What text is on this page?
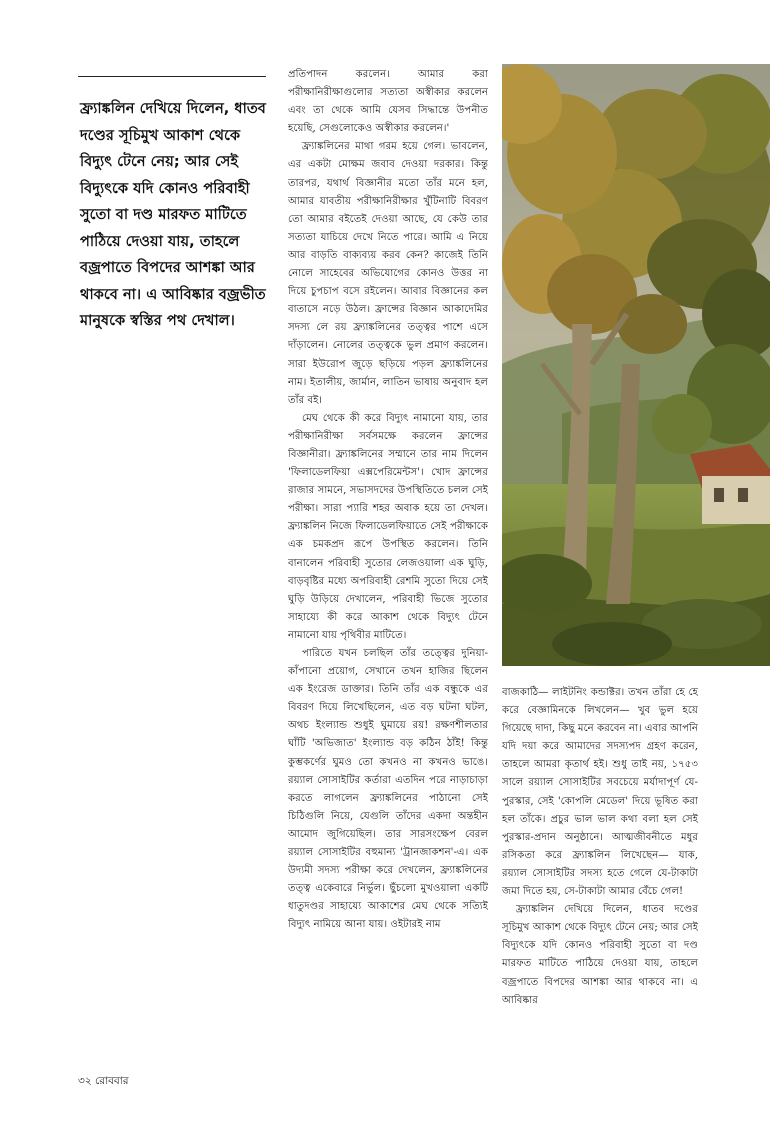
ফ্র্যাঙ্কলিন দেখিয়ে দিলেন, ধাতব দণ্ডের সূচিমুখ আকাশ থেকে বিদ্যুৎ টেনে নেয়; আর সেই বিদ্যুৎকে যদি কোনও পরিবাহী সুতো বা দণ্ড মারফত মাটিতে পাঠিয়ে দেওয়া যায়, তাহলে বজ্রপাতে বিপদের আশঙ্কা আর থাকবে না। এ আবিষ্কার বজ্রভীত মানুষকে স্বস্তির পথ দেখাল।

প্রতিপাদন করলেন। আমার করা পরীক্ষানিরীক্ষাগুলোর সত্যতা অস্বীকার করলেন এবং তা থেকে আমি যেসব সিদ্ধান্তে উপনীত হয়েছি, সেগুলোকেও অস্বীকার করলেন।'

ফ্র্যাঙ্কলিনের মাথা গরম হয়ে গেল। ভাবলেন, এর একটা মোক্ষম জবাব দেওয়া দরকার। কিন্তু তারপর, যথার্থ বিজ্ঞানীর মতো তাঁর মনে হল, আমার যাবতীয় পরীক্ষানিরীক্ষার খুঁটিনাটি বিবরণ তো আমার বইতেই দেওয়া আছে, যে কেউ তার সত্যতা যাচিয়ে দেখে নিতে পারে। আমি এ নিয়ে আর বাড়তি বাক্যব্যয় করব কেন? কাজেই তিনি নোলে সাহেবের অভিযোগের কোনও উত্তর না দিয়ে চুপচাপ বসে রইলেন। আবার বিজ্ঞানের কল বাতাসে নড়ে উঠল। ফ্রান্সের বিজ্ঞান আকাদেমির সদস্য লে রয় ফ্র্যাঙ্কলিনের তত্ত্বর পাশে এসে দাঁড়ালেন। নোলের তত্ত্বকে ভুল প্রমাণ করলেন। সারা ইউরোপ জুড়ে ছড়িয়ে পড়ল ফ্র্যাঙ্কলিনের নাম। ইতালীয়, জার্মান, লাতিন ভাষায় অনুবাদ হল তাঁর বই।

মেঘ থেকে কী করে বিদ্যুৎ নামানো যায়, তার পরীক্ষানিরীক্ষা সর্বসমক্ষে করলেন ফ্রান্সের বিজ্ঞানীরা। ফ্র্যাঙ্কলিনের সম্মানে তার নাম দিলেন 'ফিলাডেলফিয়া এক্সপেরিমেন্টস'। খোদ ফ্রান্সের রাজার সামনে, সভাসদদের উপস্থিতিতে চলল সেই পরীক্ষা। সারা প্যারি শহর অবাক হয়ে তা দেখল। ফ্র্যাঙ্কলিন নিজে ফিলাডেলফিয়াতে সেই পরীক্ষাকে এক চমকপ্রদ রূপে উপস্থিত করলেন। তিনি বানালেন পরিবাহী সুতোর লেজওয়ালা এক ঘুড়ি, বাড়বৃষ্টির মধ্যে অপরিবাহী রেশমি সুতো দিয়ে সেই ঘুড়ি উড়িয়ে দেখালেন, পরিবাহী ভিজে সুতোর সাহায্যে কী করে আকাশ থেকে বিদ্যুৎ টেনে নামানো যায় পৃথিবীর মাটিতে।

পারিতে যখন চলছিল তাঁর তত্ত্বের দুনিয়া-কাঁপানো প্রয়োগ, সেখানে তখন হাজির ছিলেন এক ইংরেজ ডাক্তার। তিনি তাঁর এক বন্ধুকে এর বিবরণ দিয়ে লিখেছিলেন, এত বড় ঘটনা ঘটল, অথচ ইংল্যান্ড শুধুই ঘুমায়ে রয়! রক্ষণশীলতার ঘাঁটি 'অভিজাত' ইংল্যান্ড বড় কঠিন ঠাঁই! কিন্তু কুম্ভকর্ণের ঘুমও তো কখনও না কখনও ভাঙে। রয়্যাল সোসাইটির কর্তারা এতদিন পরে নাড়াচাড়া করতে লাগলেন ফ্র্যাঙ্কলিনের পাঠানো সেই চিঠিগুলি নিয়ে, যেগুলি তাঁদের একদা অন্তহীন আমোদ জুগিয়েছিল। তার সারসংক্ষেপ বেরল রয়্যাল সোসাইটির বহুমান্য 'ট্রানজাকশন'-এ। এক উদ্যমী সদস্য পরীক্ষা করে দেখলেন, ফ্র্যাঙ্কলিনের তত্ত্ব একেবারে নির্ভুল। ছুঁচলো মুখওয়ালা একটি ধাতুদণ্ডর সাহায্যে আকাশের মেঘ থেকে সত্যিই বিদ্যুৎ নামিয়ে আনা যায়। ওইটারই নাম

বাজকাঠি— লাইটনিং কন্ডাক্টর। তখন তাঁরা হে হে করে বেজ্ঞামিনকে লিখলেন— খুব ভুল হয়ে গিয়েছে দাদা, কিছু মনে করবেন না। এবার আপনি যদি দয়া করে আমাদের সদস্যপদ গ্রহণ করেন, তাহলে আমরা কৃতার্থ হই। শুধু তাই নয়, ১৭৫৩ সালে রয়্যাল সোসাইটির সবচেয়ে মর্যাদাপূর্ণ যে-পুরস্কার, সেই 'কোপলি মেডেল' দিয়ে ভূষিত করা হল তাঁকে। প্রচুর ভাল ভাল কথা বলা হল সেই পুরস্কার-প্রদান অনুষ্ঠানে। আত্মজীবনীতে মধুর রসিকতা করে ফ্র্যাঙ্কলিন লিখেছেন— যাক, রয়্যাল সোসাইটির সদস্য হতে গেলে যে-টাকাটা জমা দিতে হয়, সে-টাকাটা আমার বেঁচে গেল!

ফ্র্যাঙ্কলিন দেখিয়ে দিলেন, ধাতব দণ্ডের সূচিমুখ আকাশ থেকে বিদ্যুৎ টেনে নেয়; আর সেই বিদ্যুৎকে যদি কোনও পরিবাহী সুতো বা দণ্ড মারফত মাটিতে পাঠিয়ে দেওয়া যায়, তাহলে বজ্রপাতে বিপদের আশঙ্কা আর থাকবে না। এ আবিষ্কার

৩২ রোববার
